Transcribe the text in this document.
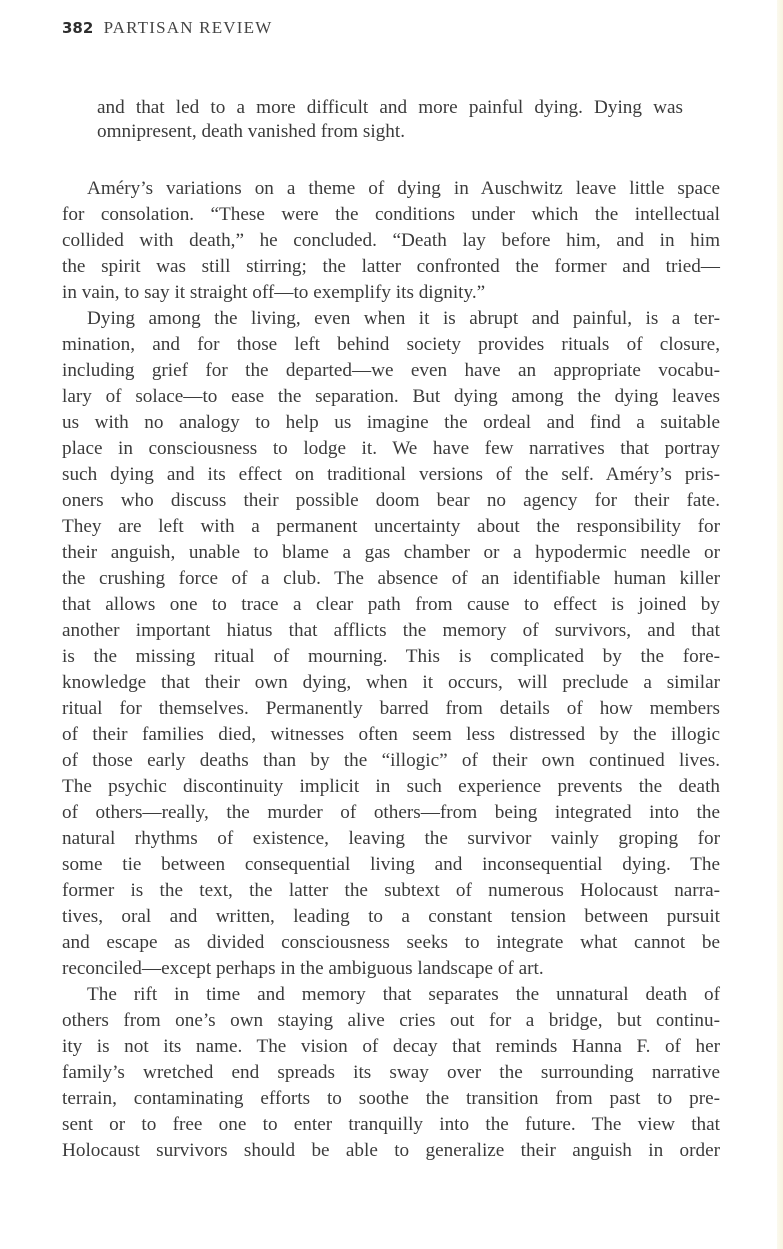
382 PARTISAN REVIEW
and that led to a more difficult and more painful dying. Dying was
omnipresent, death vanished from sight.
Améry’s variations on a theme of dying in Auschwitz leave little space
for consolation. “These were the conditions under which the intellectual
collided with death,” he concluded. “Death lay before him, and in him
the spirit was still stirring; the latter confronted the former and tried—
in vain, to say it straight off—to exemplify its dignity.”
Dying among the living, even when it is abrupt and painful, is a ter-
mination, and for those left behind society provides rituals of closure,
including grief for the departed—we even have an appropriate vocabu-
lary of solace—to ease the separation. But dying among the dying leaves
us with no analogy to help us imagine the ordeal and find a suitable
place in consciousness to lodge it. We have few narratives that portray
such dying and its effect on traditional versions of the self. Améry’s pris-
oners who discuss their possible doom bear no agency for their fate.
They are left with a permanent uncertainty about the responsibility for
their anguish, unable to blame a gas chamber or a hypodermic needle or
the crushing force of a club. The absence of an identifiable human killer
that allows one to trace a clear path from cause to effect is joined by
another important hiatus that afflicts the memory of survivors, and that
is the missing ritual of mourning. This is complicated by the fore-
knowledge that their own dying, when it occurs, will preclude a similar
ritual for themselves. Permanently barred from details of how members
of their families died, witnesses often seem less distressed by the illogic
of those early deaths than by the “illogic” of their own continued lives.
The psychic discontinuity implicit in such experience prevents the death
of others—really, the murder of others—from being integrated into the
natural rhythms of existence, leaving the survivor vainly groping for
some tie between consequential living and inconsequential dying. The
former is the text, the latter the subtext of numerous Holocaust narra-
tives, oral and written, leading to a constant tension between pursuit
and escape as divided consciousness seeks to integrate what cannot be
reconciled—except perhaps in the ambiguous landscape of art.
The rift in time and memory that separates the unnatural death of
others from one’s own staying alive cries out for a bridge, but continu-
ity is not its name. The vision of decay that reminds Hanna F. of her
family’s wretched end spreads its sway over the surrounding narrative
terrain, contaminating efforts to soothe the transition from past to pre-
sent or to free one to enter tranquilly into the future. The view that
Holocaust survivors should be able to generalize their anguish in order
